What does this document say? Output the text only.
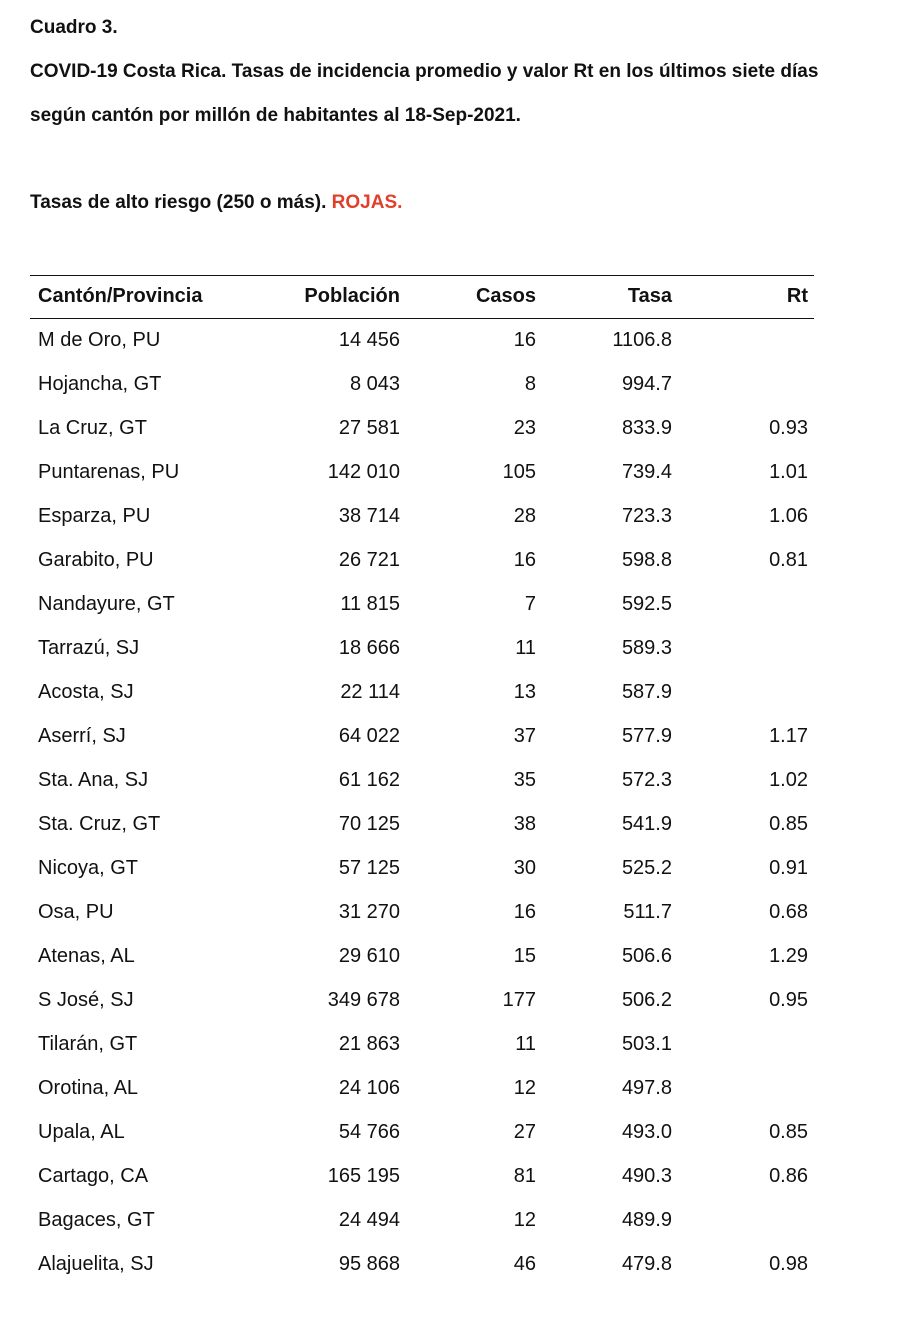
Cuadro 3.
COVID-19 Costa Rica. Tasas de incidencia promedio y valor Rt en los últimos siete días
según cantón por millón de habitantes al 18-Sep-2021.
Tasas de alto riesgo (250 o más). ROJAS.
Cantón/Provincia	Población	Casos	Tasa	Rt
M de Oro, PU	14 456	16	1106.8
Hojancha, GT	8 043	8	994.7
La Cruz, GT	27 581	23	833.9	0.93
Puntarenas, PU	142 010	105	739.4	1.01
Esparza, PU	38 714	28	723.3	1.06
Garabito, PU	26 721	16	598.8	0.81
Nandayure, GT	11 815	7	592.5
Tarrazú, SJ	18 666	11	589.3
Acosta, SJ	22 114	13	587.9
Aserrí, SJ	64 022	37	577.9	1.17
Sta. Ana, SJ	61 162	35	572.3	1.02
Sta. Cruz, GT	70 125	38	541.9	0.85
Nicoya, GT	57 125	30	525.2	0.91
Osa, PU	31 270	16	511.7	0.68
Atenas, AL	29 610	15	506.6	1.29
S José, SJ	349 678	177	506.2	0.95
Tilarán, GT	21 863	11	503.1
Orotina, AL	24 106	12	497.8
Upala, AL	54 766	27	493.0	0.85
Cartago, CA	165 195	81	490.3	0.86
Bagaces, GT	24 494	12	489.9
Alajuelita, SJ	95 868	46	479.8	0.98
